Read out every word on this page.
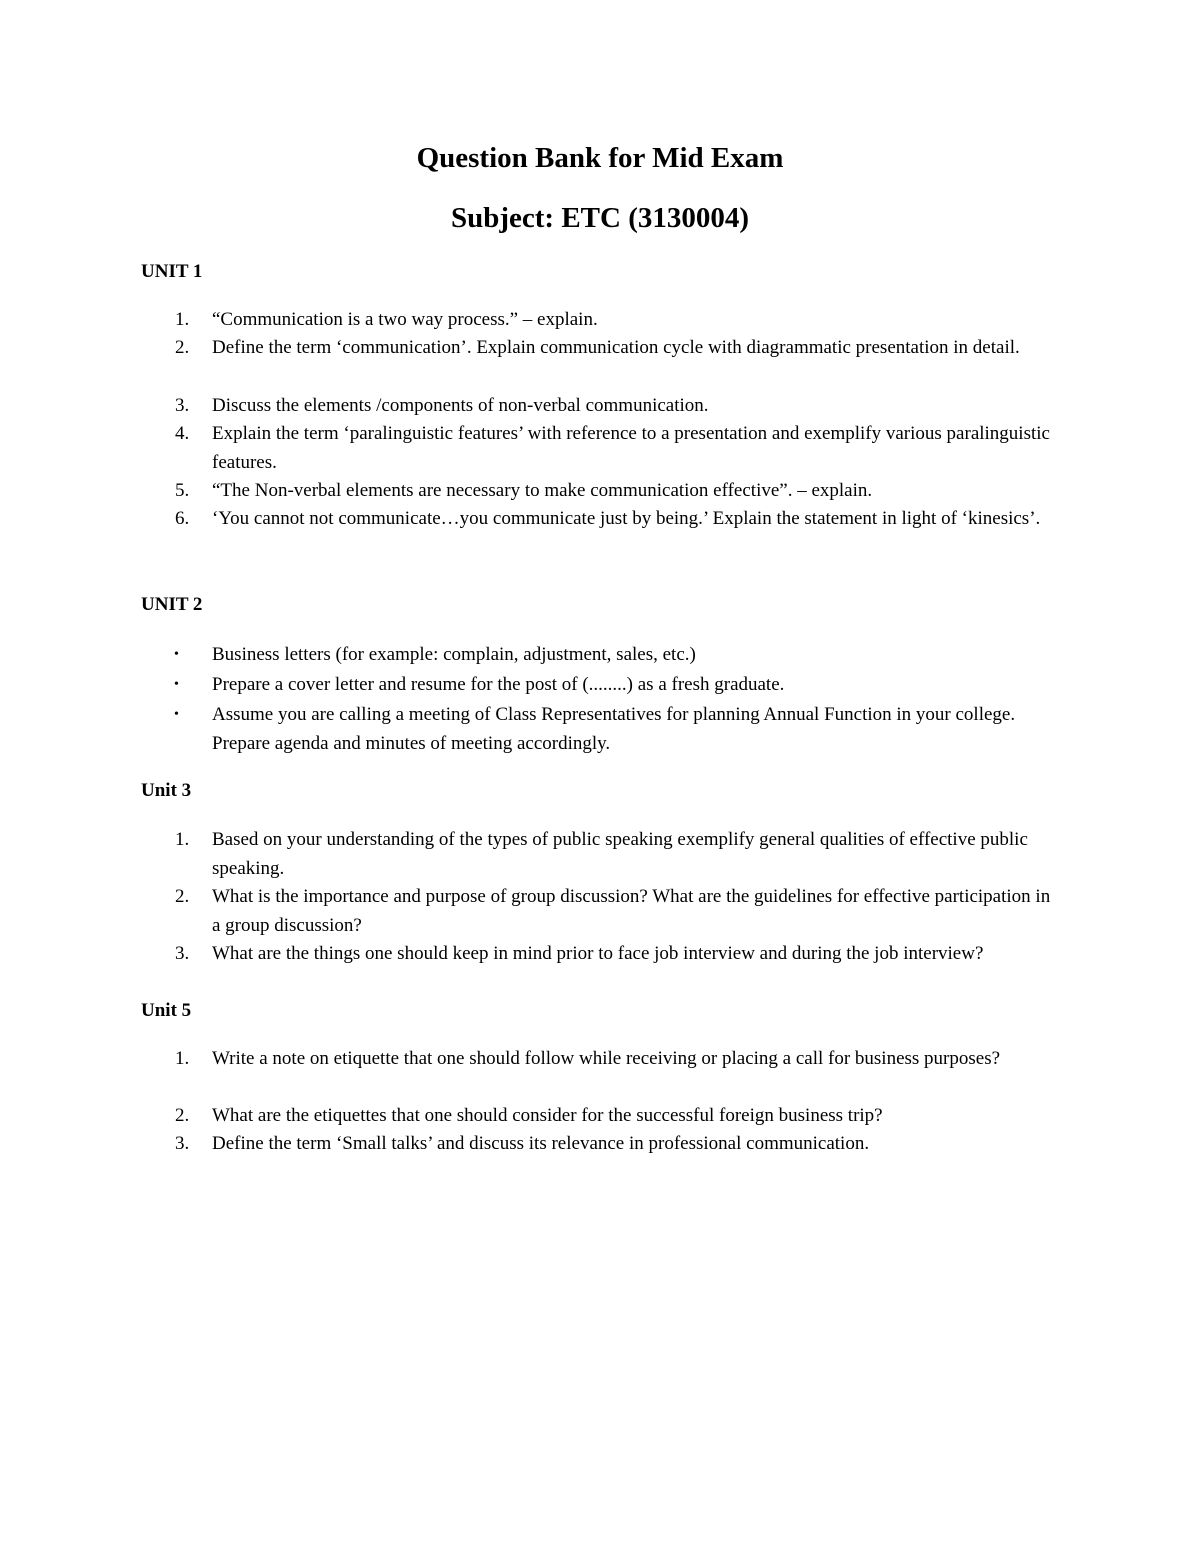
Question Bank for Mid Exam
Subject: ETC (3130004)
UNIT 1
1.	“Communication is a two way process.” – explain.
2.	Define the term ‘communication’. Explain communication cycle with diagrammatic presentation in detail.
3.	Discuss the elements /components of non-verbal communication.
4.	Explain the term ‘paralinguistic features’ with reference to a presentation and exemplify various paralinguistic features.
5.	“The Non-verbal elements are necessary to make communication effective”. – explain.
6.	‘You cannot not communicate…you communicate just by being.’ Explain the statement in light of ‘kinesics’.
UNIT 2
• Business letters (for example: complain, adjustment, sales, etc.)
• Prepare a cover letter and resume for the post of (........) as a fresh graduate.
• Assume you are calling a meeting of Class Representatives for planning Annual Function in your college. Prepare agenda and minutes of meeting accordingly.
Unit 3
1.	Based on your understanding of the types of public speaking exemplify general qualities of effective public speaking.
2.	What is the importance and purpose of group discussion? What are the guidelines for effective participation in a group discussion?
3.	What are the things one should keep in mind prior to face job interview and during the job interview?
Unit 5
1.	Write a note on etiquette that one should follow while receiving or placing a call for business purposes?
2.	What are the etiquettes that one should consider for the successful foreign business trip?
3.	Define the term ‘Small talks’ and discuss its relevance in professional communication.
